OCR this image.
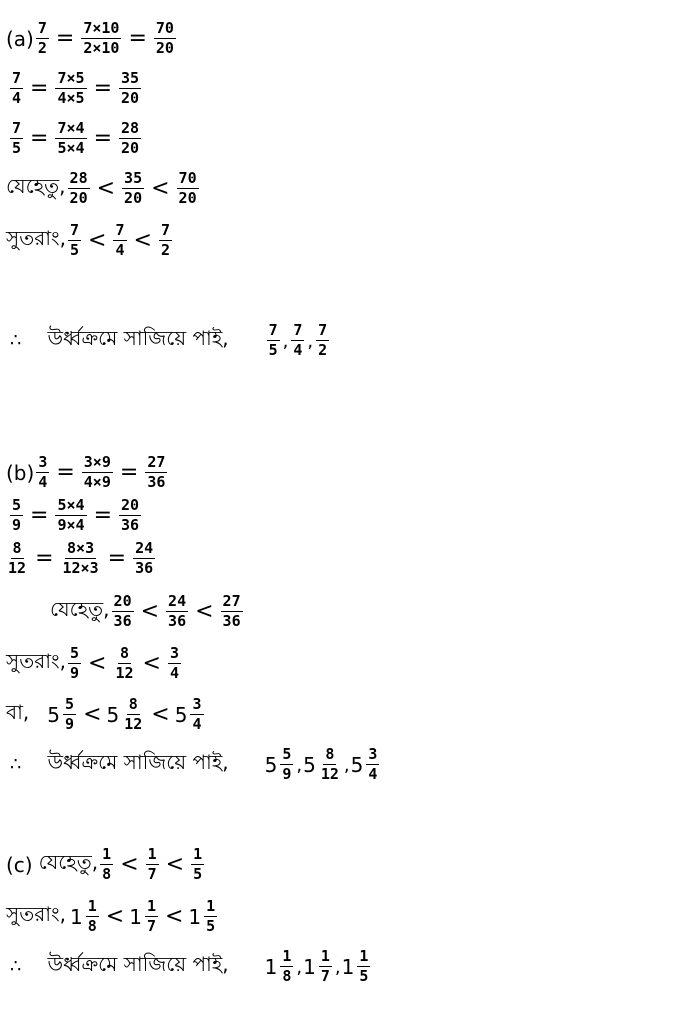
$(a) \frac{7}{2} = \frac{7\times 10}{2\times 10} = \frac{70}{20}$
$\frac{7}{4} = \frac{7\times 5}{4\times 5} = \frac{35}{20}$
$\frac{7}{5} = \frac{7\times 4}{5\times 4} = \frac{28}{20}$
যেহেতু, $\frac{28}{20} < \frac{35}{20} < \frac{70}{20}$
সুতরাং, $\frac{7}{5} < \frac{7}{4} < \frac{7}{2}$
∴ উর্ধ্বক্রমে সাজিয়ে পাই,	$\frac{7}{5}$ , $\frac{7}{4}$ , $\frac{7}{2}$
$(b) \frac{3}{4} = \frac{3\times 9}{4\times 9} = \frac{27}{36}$
$\frac{5}{9} = \frac{5\times 4}{9\times 4} = \frac{20}{36}$
$\frac{8}{12} = \frac{8\times 3}{12\times 3} = \frac{24}{36}$
যেহেতু, $\frac{20}{36} < \frac{24}{36} < \frac{27}{36}$
সুতরাং, $\frac{5}{9} < \frac{8}{12} < \frac{3}{4}$
বা, $5 \frac{5}{9} < 5 \frac{8}{12} < 5 \frac{3}{4}$
∴ উর্ধ্বক্রমে সাজিয়ে পাই, $5 \frac{5}{9}$ , $5 \frac{8}{12}$ , $5 \frac{3}{4}$
(c) যেহেতু, $\frac{1}{8} < \frac{1}{7} < \frac{1}{5}$
সুতরাং, $1 \frac{1}{8} < 1 \frac{1}{7} < 1 \frac{1}{5}$
∴ উর্ধ্বক্রমে সাজিয়ে পাই, $1 \frac{1}{8}$ , $1 \frac{1}{7}$ , $1 \frac{1}{5}$
